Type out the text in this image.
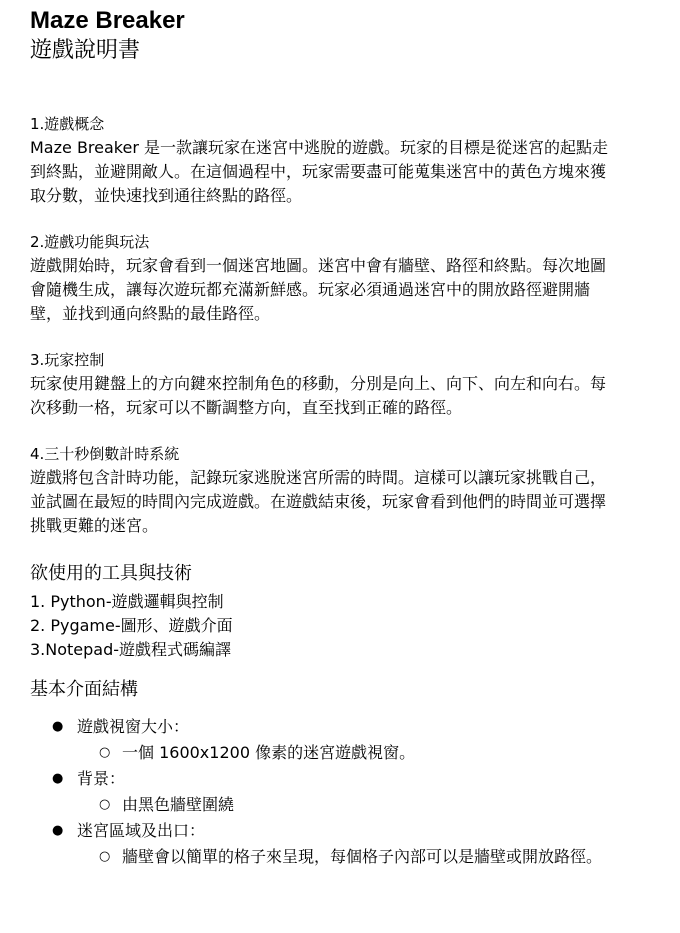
Maze Breaker
遊戲說明書
1.遊戲概念
Maze Breaker 是一款讓玩家在迷宮中逃脫的遊戲。玩家的目標是從迷宮的起點走到終點，並避開敵人。在這個過程中，玩家需要盡可能蒐集迷宮中的黃色方塊來獲取分數，並快速找到通往終點的路徑。
2.遊戲功能與玩法
遊戲開始時，玩家會看到一個迷宮地圖。迷宮中會有牆壁、路徑和終點。每次地圖會隨機生成，讓每次遊玩都充滿新鮮感。玩家必須通過迷宮中的開放路徑避開牆壁，並找到通向終點的最佳路徑。
3.玩家控制
玩家使用鍵盤上的方向鍵來控制角色的移動，分別是向上、向下、向左和向右。每次移動一格，玩家可以不斷調整方向，直至找到正確的路徑。
4.三十秒倒數計時系統
遊戲將包含計時功能，記錄玩家逃脫迷宮所需的時間。這樣可以讓玩家挑戰自己，並試圖在最短的時間內完成遊戲。在遊戲結束後，玩家會看到他們的時間並可選擇挑戰更難的迷宮。
欲使用的工具與技術
1. Python-遊戲邏輯與控制
2. Pygame-圖形、遊戲介面
3.Notepad-遊戲程式碼編譯
基本介面結構
● 遊戲視窗大小：
○ 一個 1600x1200 像素的迷宮遊戲視窗。
● 背景：
○ 由黑色牆壁圍繞
● 迷宮區域及出口：
○ 牆壁會以簡單的格子來呈現，每個格子內部可以是牆壁或開放路徑。
